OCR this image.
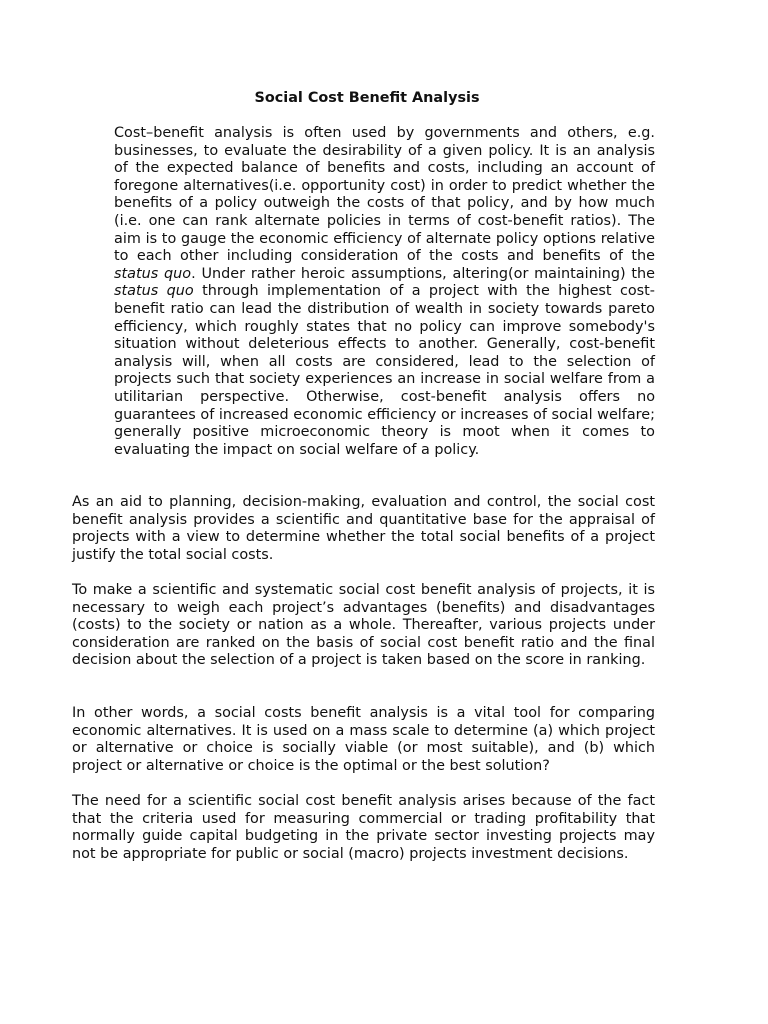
Social Cost Benefit Analysis

Cost–benefit analysis is often used by governments and others, e.g. businesses, to evaluate the desirability of a given policy. It is an analysis of the expected balance of benefits and costs, including an account of foregone alternatives(i.e. opportunity cost) in order to predict whether the benefits of a policy outweigh the costs of that policy, and by how much (i.e. one can rank alternate policies in terms of cost-benefit ratios). The aim is to gauge the economic efficiency of alternate policy options relative to each other including consideration of the costs and benefits of the status quo. Under rather heroic assumptions, altering(or maintaining) the status quo through implementation of a project with the highest cost-benefit ratio can lead the distribution of wealth in society towards pareto efficiency, which roughly states that no policy can improve somebody's situation without deleterious effects to another. Generally, cost-benefit analysis will, when all costs are considered, lead to the selection of projects such that society experiences an increase in social welfare from a utilitarian perspective. Otherwise, cost-benefit analysis offers no guarantees of increased economic efficiency or increases of social welfare; generally positive microeconomic theory is moot when it comes to evaluating the impact on social welfare of a policy.

As an aid to planning, decision-making, evaluation and control, the social cost benefit analysis provides a scientific and quantitative base for the appraisal of projects with a view to determine whether the total social benefits of a project justify the total social costs.

To make a scientific and systematic social cost benefit analysis of projects, it is necessary to weigh each project’s advantages (benefits) and disadvantages (costs) to the society or nation as a whole. Thereafter, various projects under consideration are ranked on the basis of social cost benefit ratio and the final decision about the selection of a project is taken based on the score in ranking.

In other words, a social costs benefit analysis is a vital tool for comparing economic alternatives. It is used on a mass scale to determine (a) which project or alternative or choice is socially viable (or most suitable), and (b) which project or alternative or choice is the optimal or the best solution?

The need for a scientific social cost benefit analysis arises because of the fact that the criteria used for measuring commercial or trading profitability that normally guide capital budgeting in the private sector investing projects may not be appropriate for public or social (macro) projects investment decisions.
